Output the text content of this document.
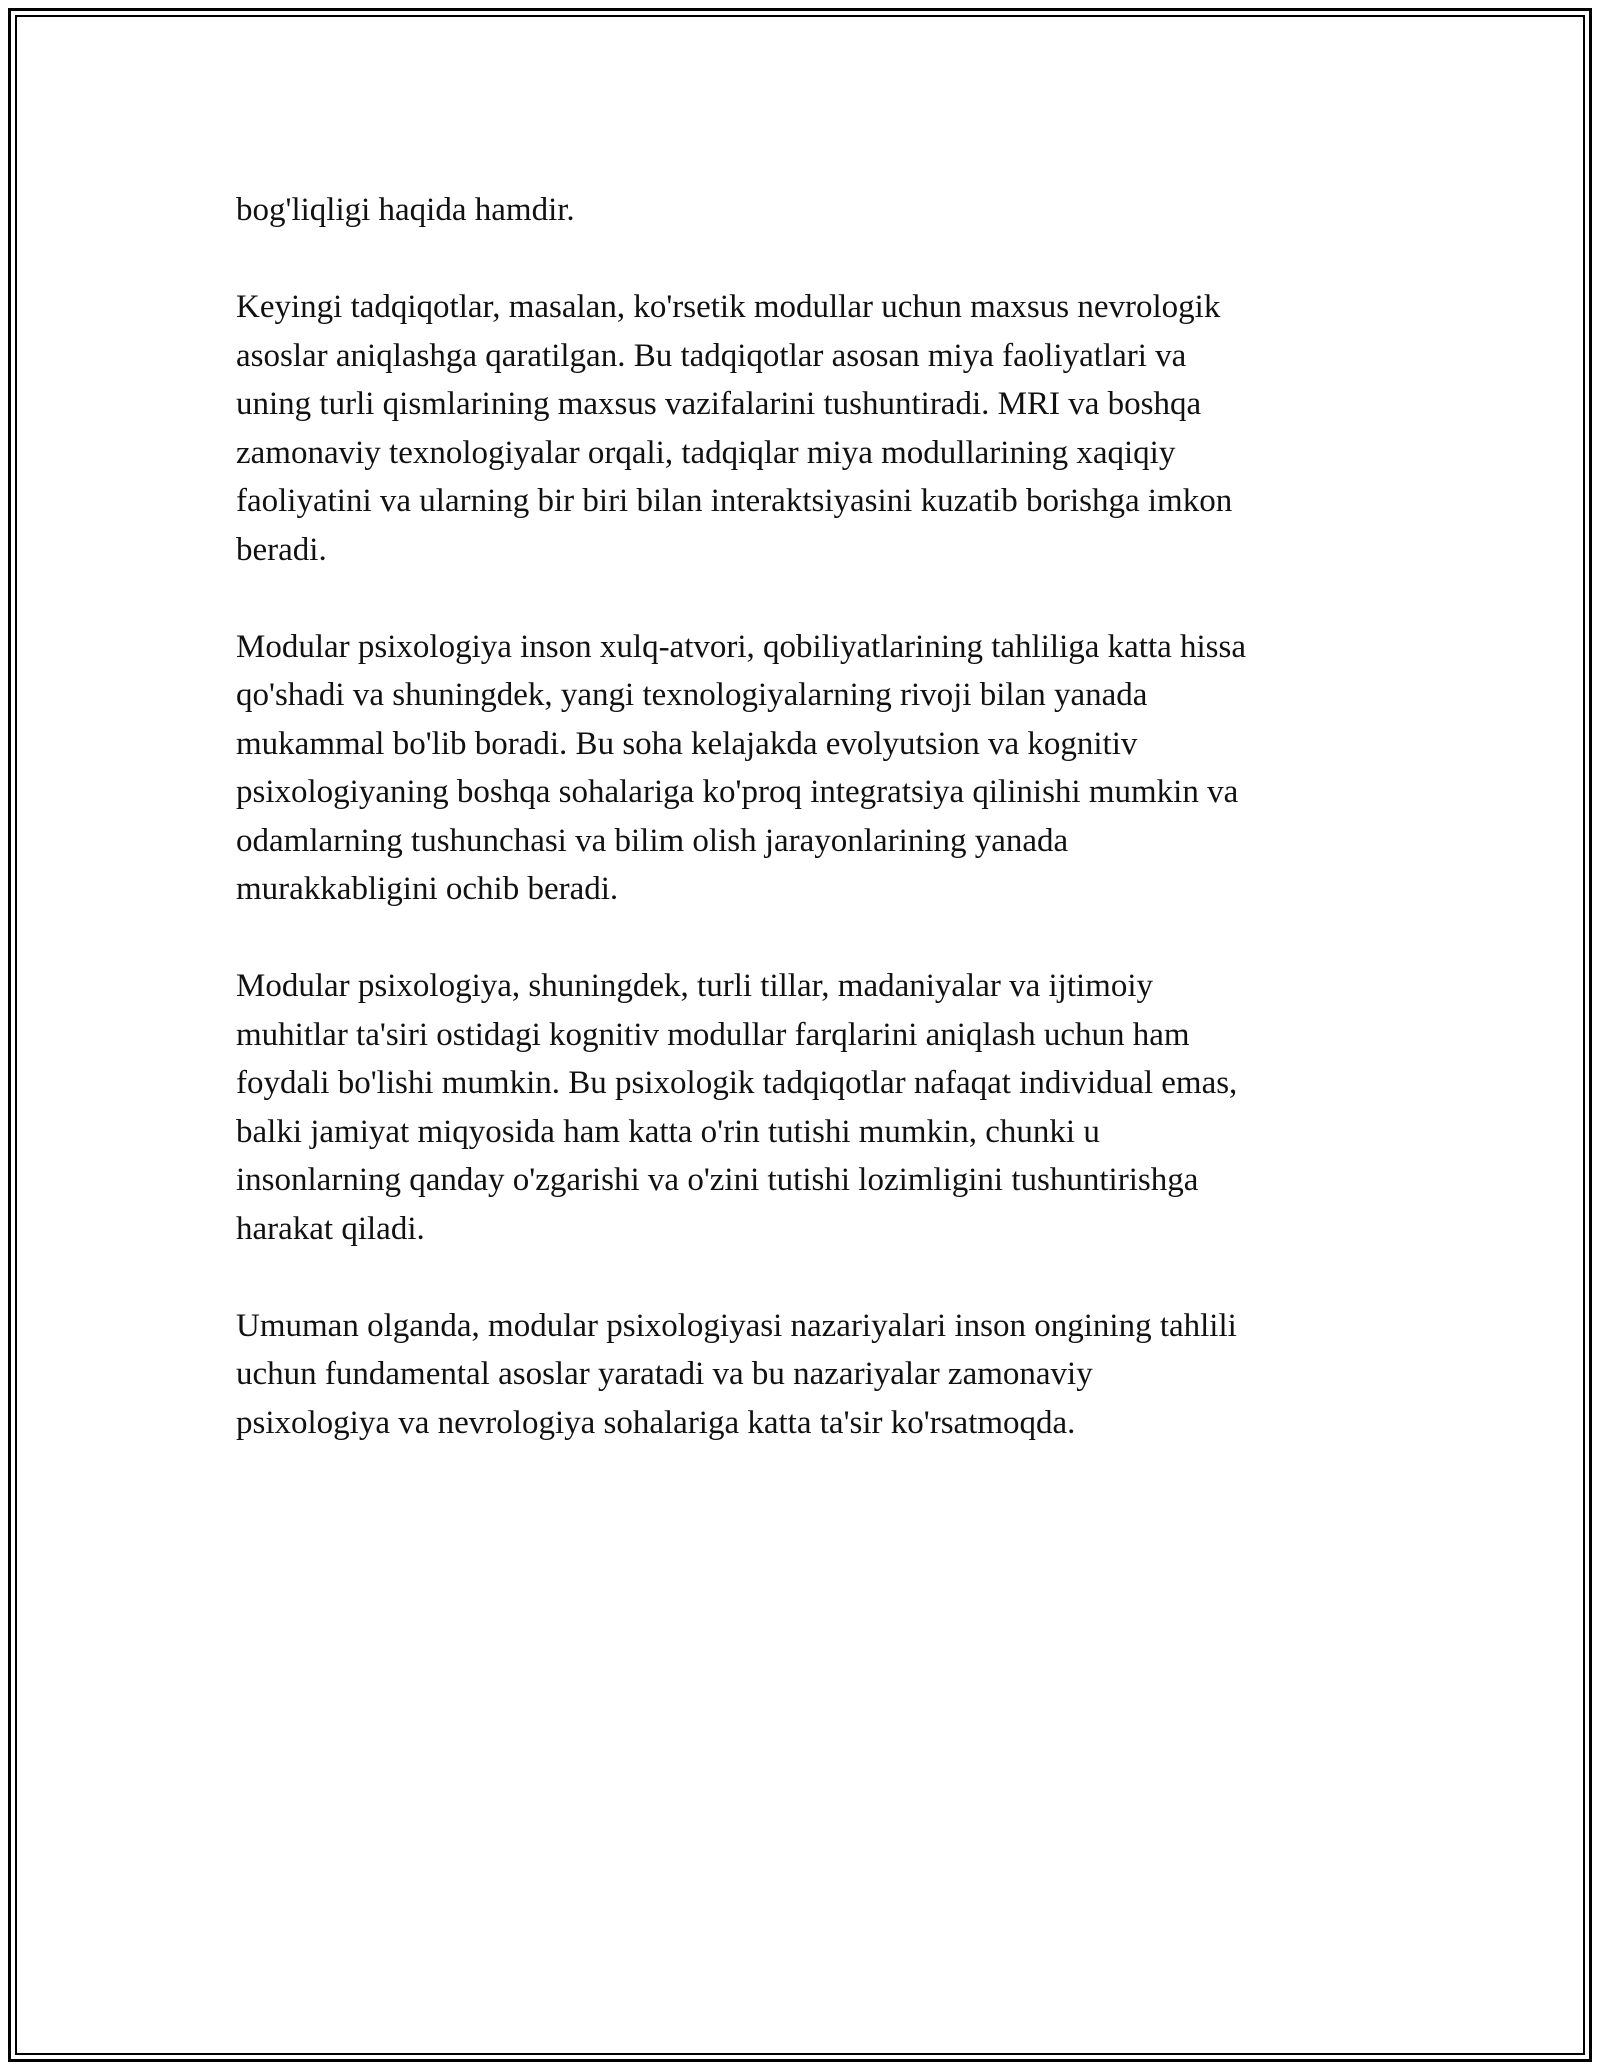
bog'liqligi haqida hamdir.

Keyingi tadqiqotlar, masalan, ko'rsetik modullar uchun maxsus nevrologik
asoslar aniqlashga qaratilgan. Bu tadqiqotlar asosan miya faoliyatlari va
uning turli qismlarining maxsus vazifalarini tushuntiradi. MRI va boshqa
zamonaviy texnologiyalar orqali, tadqiqlar miya modullarining xaqiqiy
faoliyatini va ularning bir biri bilan interaktsiyasini kuzatib borishga imkon
beradi.

Modular psixologiya inson xulq-atvori, qobiliyatlarining tahliliga katta hissa
qo'shadi va shuningdek, yangi texnologiyalarning rivoji bilan yanada
mukammal bo'lib boradi. Bu soha kelajakda evolyutsion va kognitiv
psixologiyaning boshqa sohalariga ko'proq integratsiya qilinishi mumkin va
odamlarning tushunchasi va bilim olish jarayonlarining yanada
murakkabligini ochib beradi.

Modular psixologiya, shuningdek, turli tillar, madaniyalar va ijtimoiy
muhitlar ta'siri ostidagi kognitiv modullar farqlarini aniqlash uchun ham
foydali bo'lishi mumkin. Bu psixologik tadqiqotlar nafaqat individual emas,
balki jamiyat miqyosida ham katta o'rin tutishi mumkin, chunki u
insonlarning qanday o'zgarishi va o'zini tutishi lozimligini tushuntirishga
harakat qiladi.

Umuman olganda, modular psixologiyasi nazariyalari inson ongining tahlili
uchun fundamental asoslar yaratadi va bu nazariyalar zamonaviy
psixologiya va nevrologiya sohalariga katta ta'sir ko'rsatmoqda.
